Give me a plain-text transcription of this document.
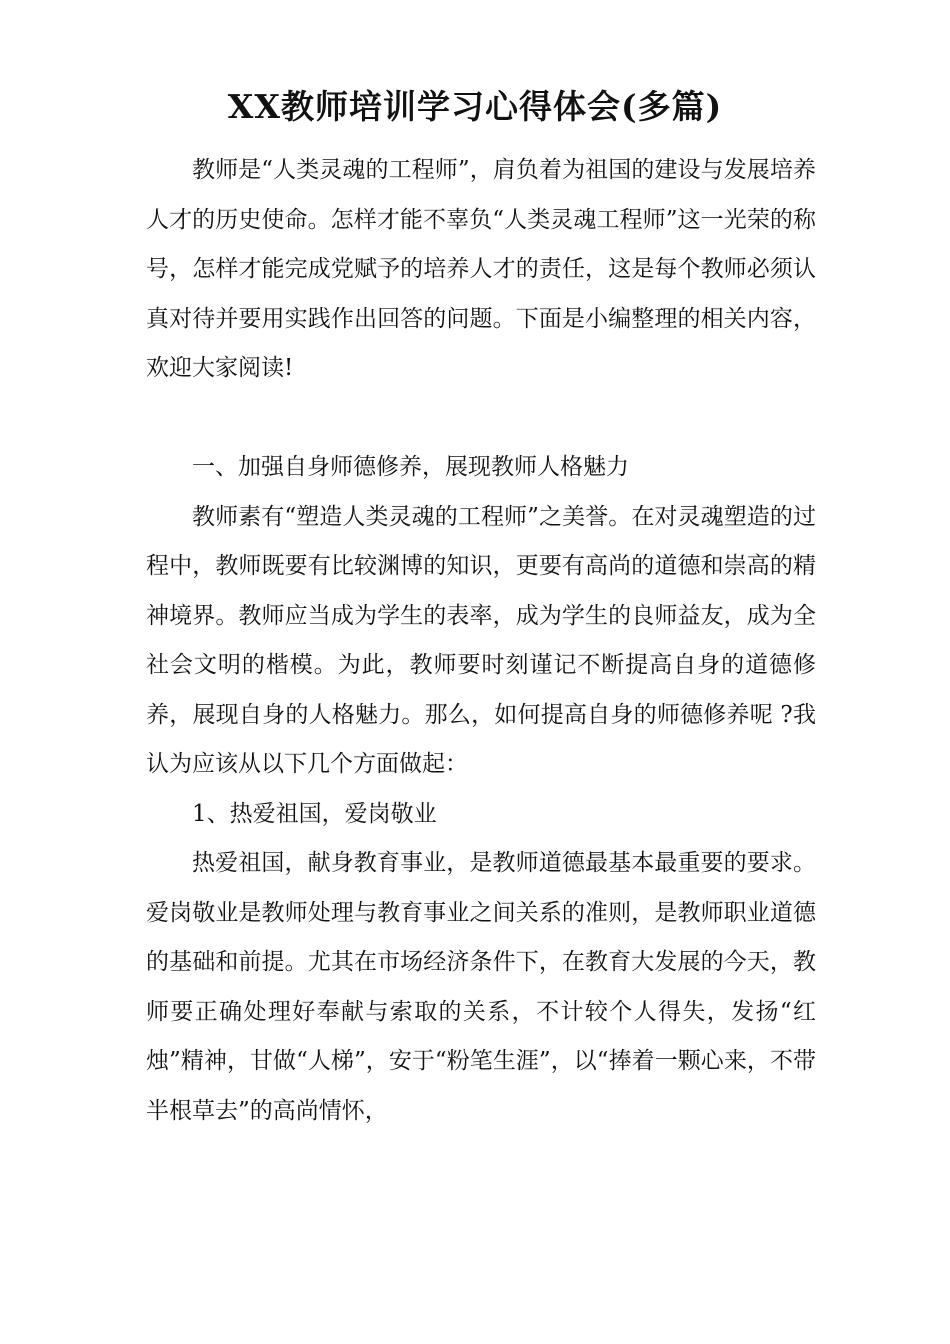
XX教师培训学习心得体会(多篇)

教师是“人类灵魂的工程师”，肩负着为祖国的建设与发展培养人才的历史使命。怎样才能不辜负“人类灵魂工程师”这一光荣的称号，怎样才能完成党赋予的培养人才的责任，这是每个教师必须认真对待并要用实践作出回答的问题。下面是小编整理的相关内容，欢迎大家阅读!

一、加强自身师德修养，展现教师人格魅力

教师素有“塑造人类灵魂的工程师”之美誉。在对灵魂塑造的过程中，教师既要有比较渊博的知识，更要有高尚的道德和崇高的精神境界。教师应当成为学生的表率，成为学生的良师益友，成为全社会文明的楷模。为此，教师要时刻谨记不断提高自身的道德修养，展现自身的人格魅力。那么，如何提高自身的师德修养呢 ?我认为应该从以下几个方面做起：

1、热爱祖国，爱岗敬业

热爱祖国，献身教育事业，是教师道德最基本最重要的要求。爱岗敬业是教师处理与教育事业之间关系的准则，是教师职业道德的基础和前提。尤其在市场经济条件下，在教育大发展的今天，教师要正确处理好奉献与索取的关系，不计较个人得失，发扬“红烛”精神，甘做“人梯”，安于“粉笔生涯”，以“捧着一颗心来，不带半根草去”的高尚情怀，
